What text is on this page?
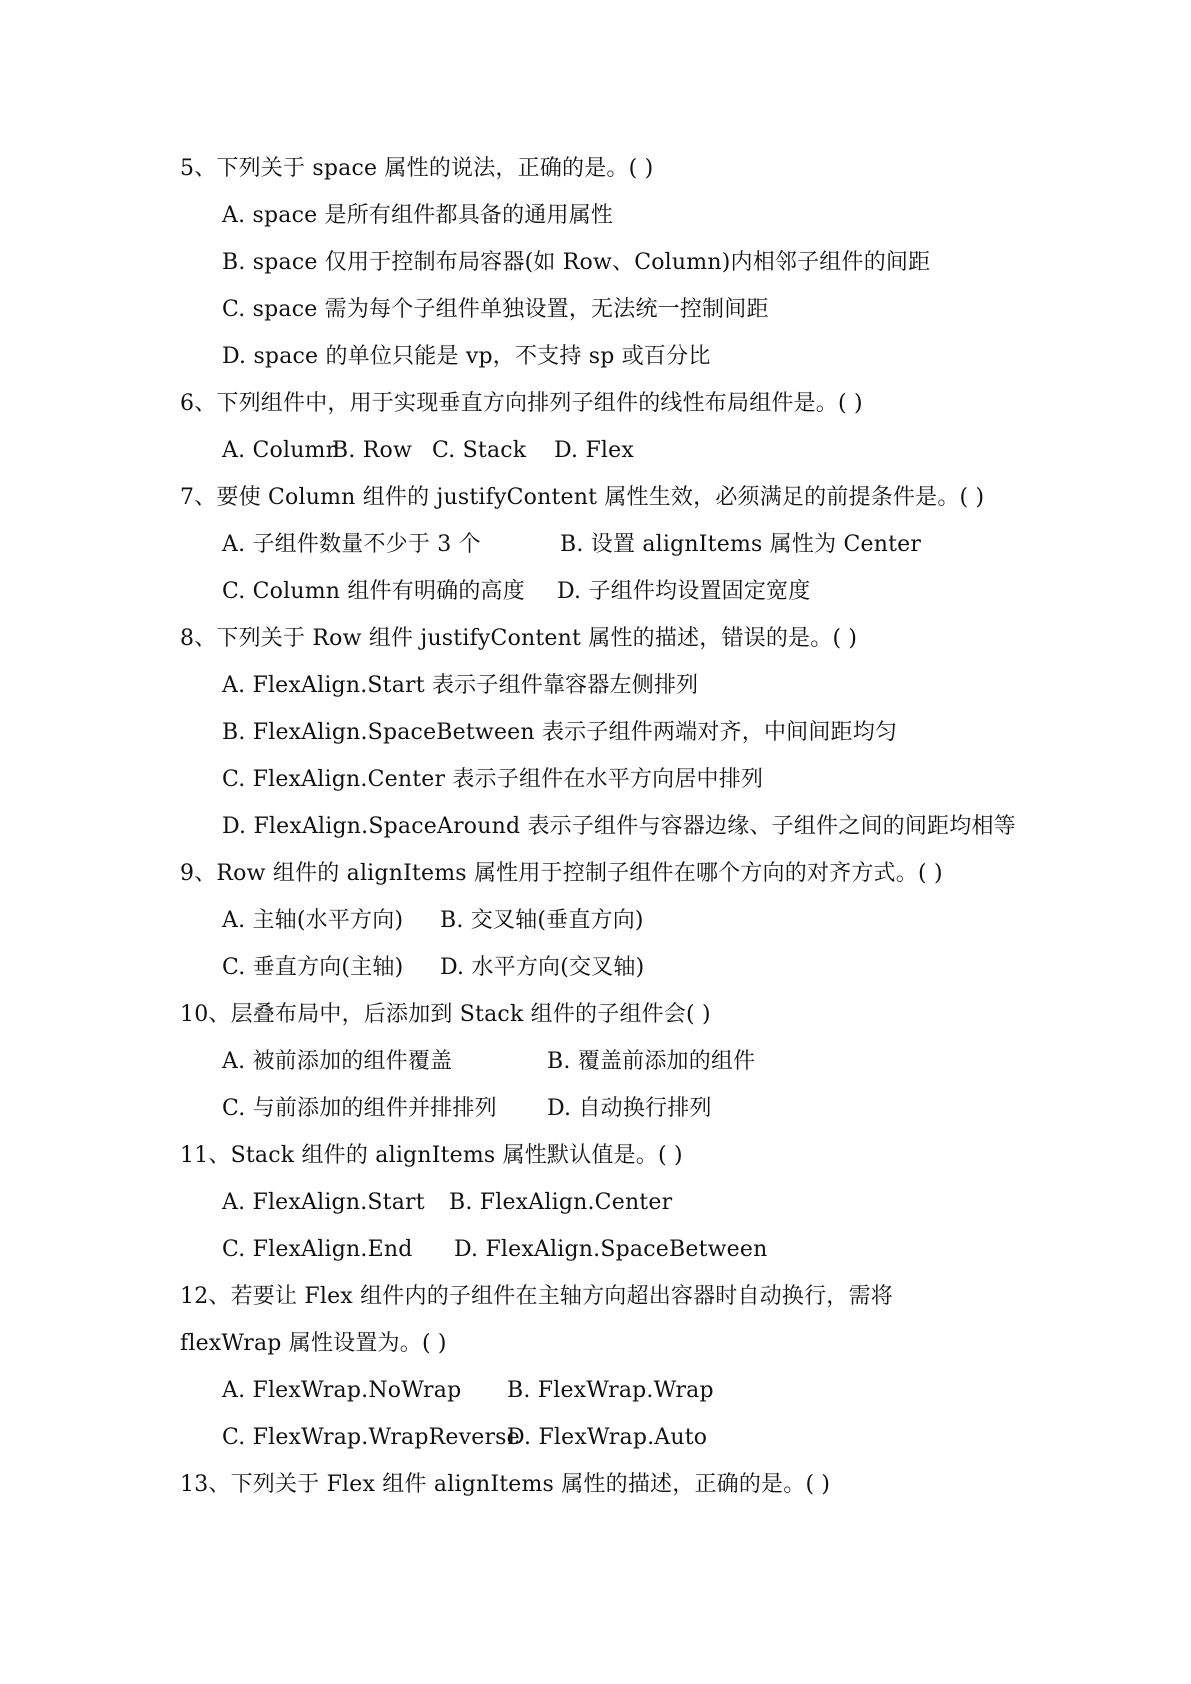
5、下列关于 space 属性的说法，正确的是。( )
A. space 是所有组件都具备的通用属性
B. space 仅用于控制布局容器(如 Row、Column)内相邻子组件的间距
C. space 需为每个子组件单独设置，无法统一控制间距
D. space 的单位只能是 vp，不支持 sp 或百分比
6、下列组件中，用于实现垂直方向排列子组件的线性布局组件是。( )

A. Column

B. Row

C. Stack

D. Flex

7、要使 Column 组件的 justifyContent 属性生效，必须满足的前提条件是。( )

A. 子组件数量不少于 3 个

	B. 设置 alignItems 属性为 Center

C. Column 组件有明确的高度

D. 子组件均设置固定宽度

8、下列关于 Row 组件 justifyContent 属性的描述，错误的是。( )
A. FlexAlign.Start 表示子组件靠容器左侧排列
B. FlexAlign.SpaceBetween 表示子组件两端对齐，中间间距均匀
C. FlexAlign.Center 表示子组件在水平方向居中排列
D. FlexAlign.SpaceAround 表示子组件与容器边缘、子组件之间的间距均相等
9、Row 组件的 alignItems 属性用于控制子组件在哪个方向的对齐方式。( )

A. 主轴(水平方向)

B. 交叉轴(垂直方向)

C. 垂直方向(主轴)

D. 水平方向(交叉轴)

10、层叠布局中，后添加到 Stack 组件的子组件会( )

A. 被前添加的组件覆盖

	B. 覆盖前添加的组件

C. 与前添加的组件并排排列

D. 自动换行排列

11、Stack 组件的 alignItems 属性默认值是。( )

A. FlexAlign.Start

B. FlexAlign.Center

C. FlexAlign.End

D. FlexAlign.SpaceBetween

12、若要让 Flex 组件内的子组件在主轴方向超出容器时自动换行，需将
flexWrap 属性设置为。( )

A. FlexWrap.NoWrap

B. FlexWrap.Wrap

C. FlexWrap.WrapReverse

D. FlexWrap.Auto

13、下列关于 Flex 组件 alignItems 属性的描述，正确的是。( )
